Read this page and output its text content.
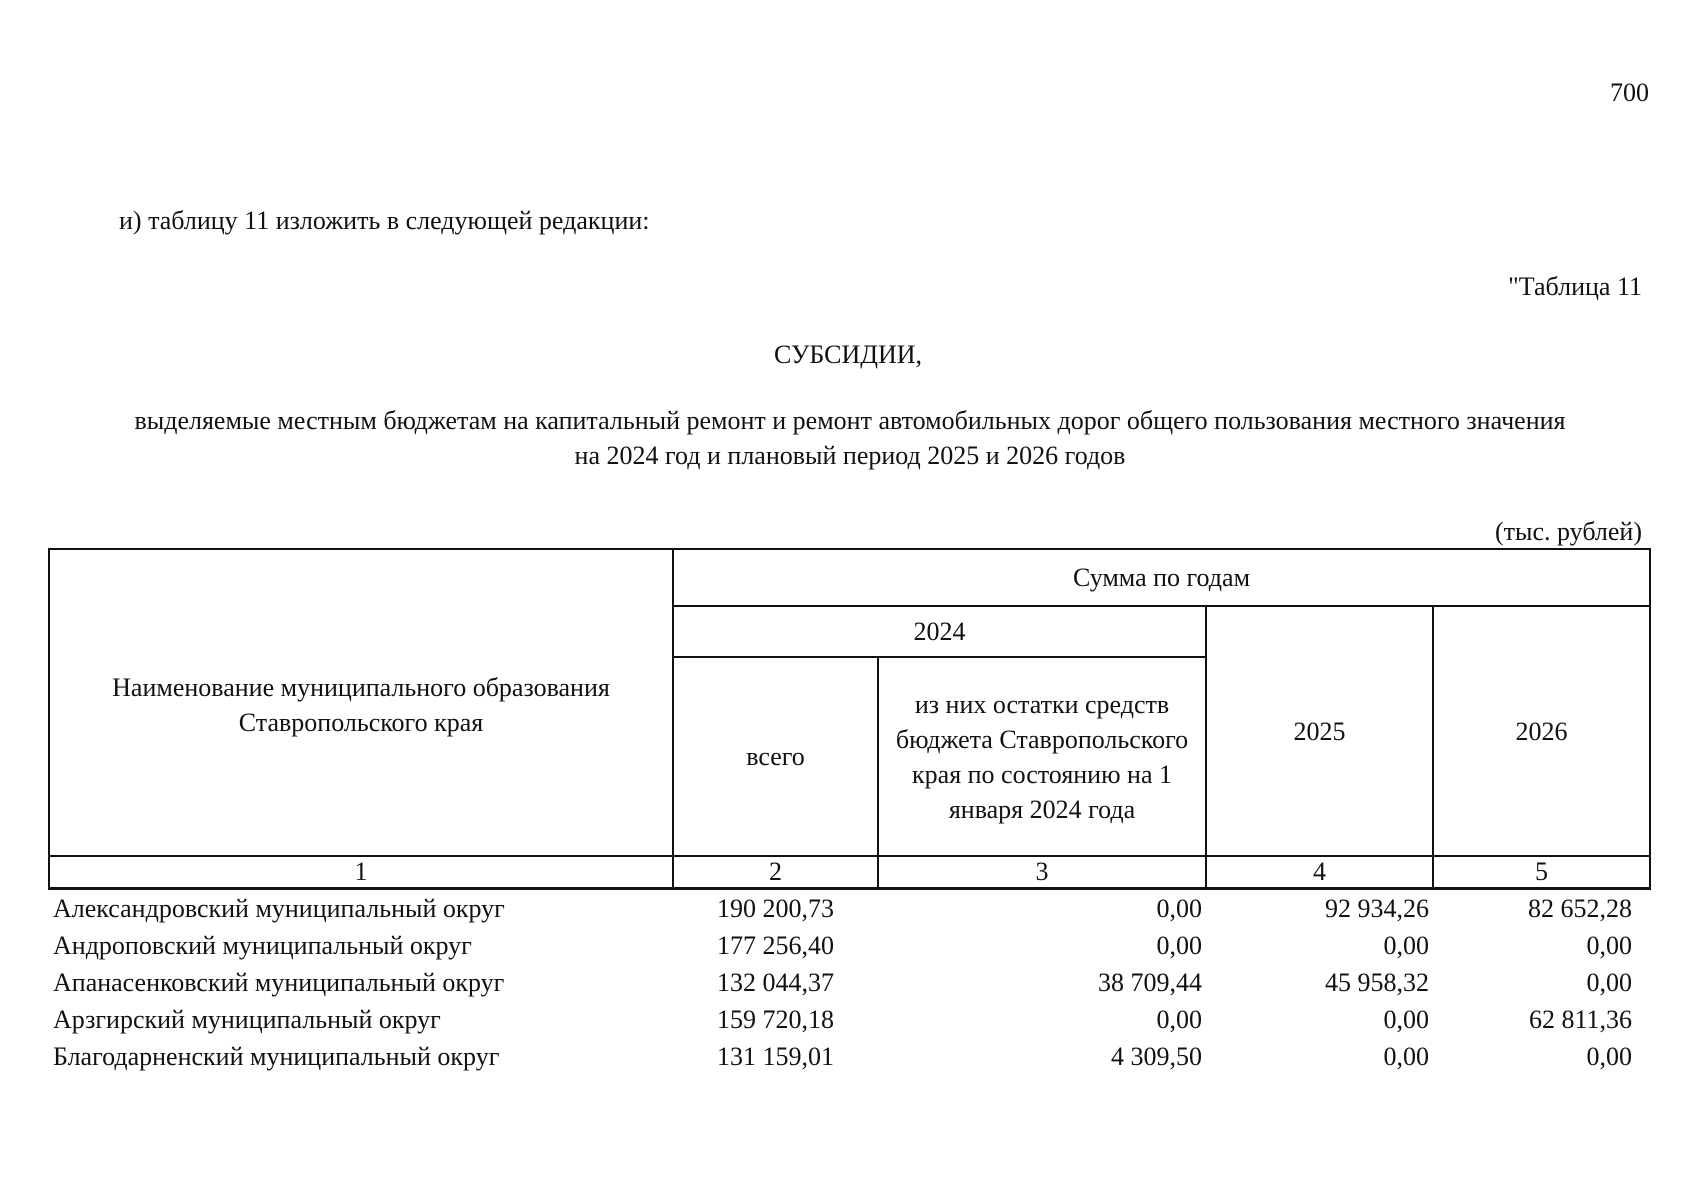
700
и) таблицу 11 изложить в следующей редакции:
"Таблица 11
СУБСИДИИ,
выделяемые местным бюджетам на капитальный ремонт и ремонт автомобильных дорог общего пользования местного значения
на 2024 год и плановый период 2025 и 2026 годов
(тыс. рублей)
Наименование муниципального образования Ставропольского края	Сумма по годам			
	2024		2025	2026
	всего	из них остатки средств бюджета Ставропольского края по состоянию на 1 января 2024 года		
1	2	3	4	5
Александровский муниципальный округ	190 200,73	0,00	92 934,26	82 652,28
Андроповский муниципальный округ	177 256,40	0,00	0,00	0,00
Апанасенковский муниципальный округ	132 044,37	38 709,44	45 958,32	0,00
Арзгирский муниципальный округ	159 720,18	0,00	0,00	62 811,36
Благодарненский муниципальный округ	131 159,01	4 309,50	0,00	0,00
